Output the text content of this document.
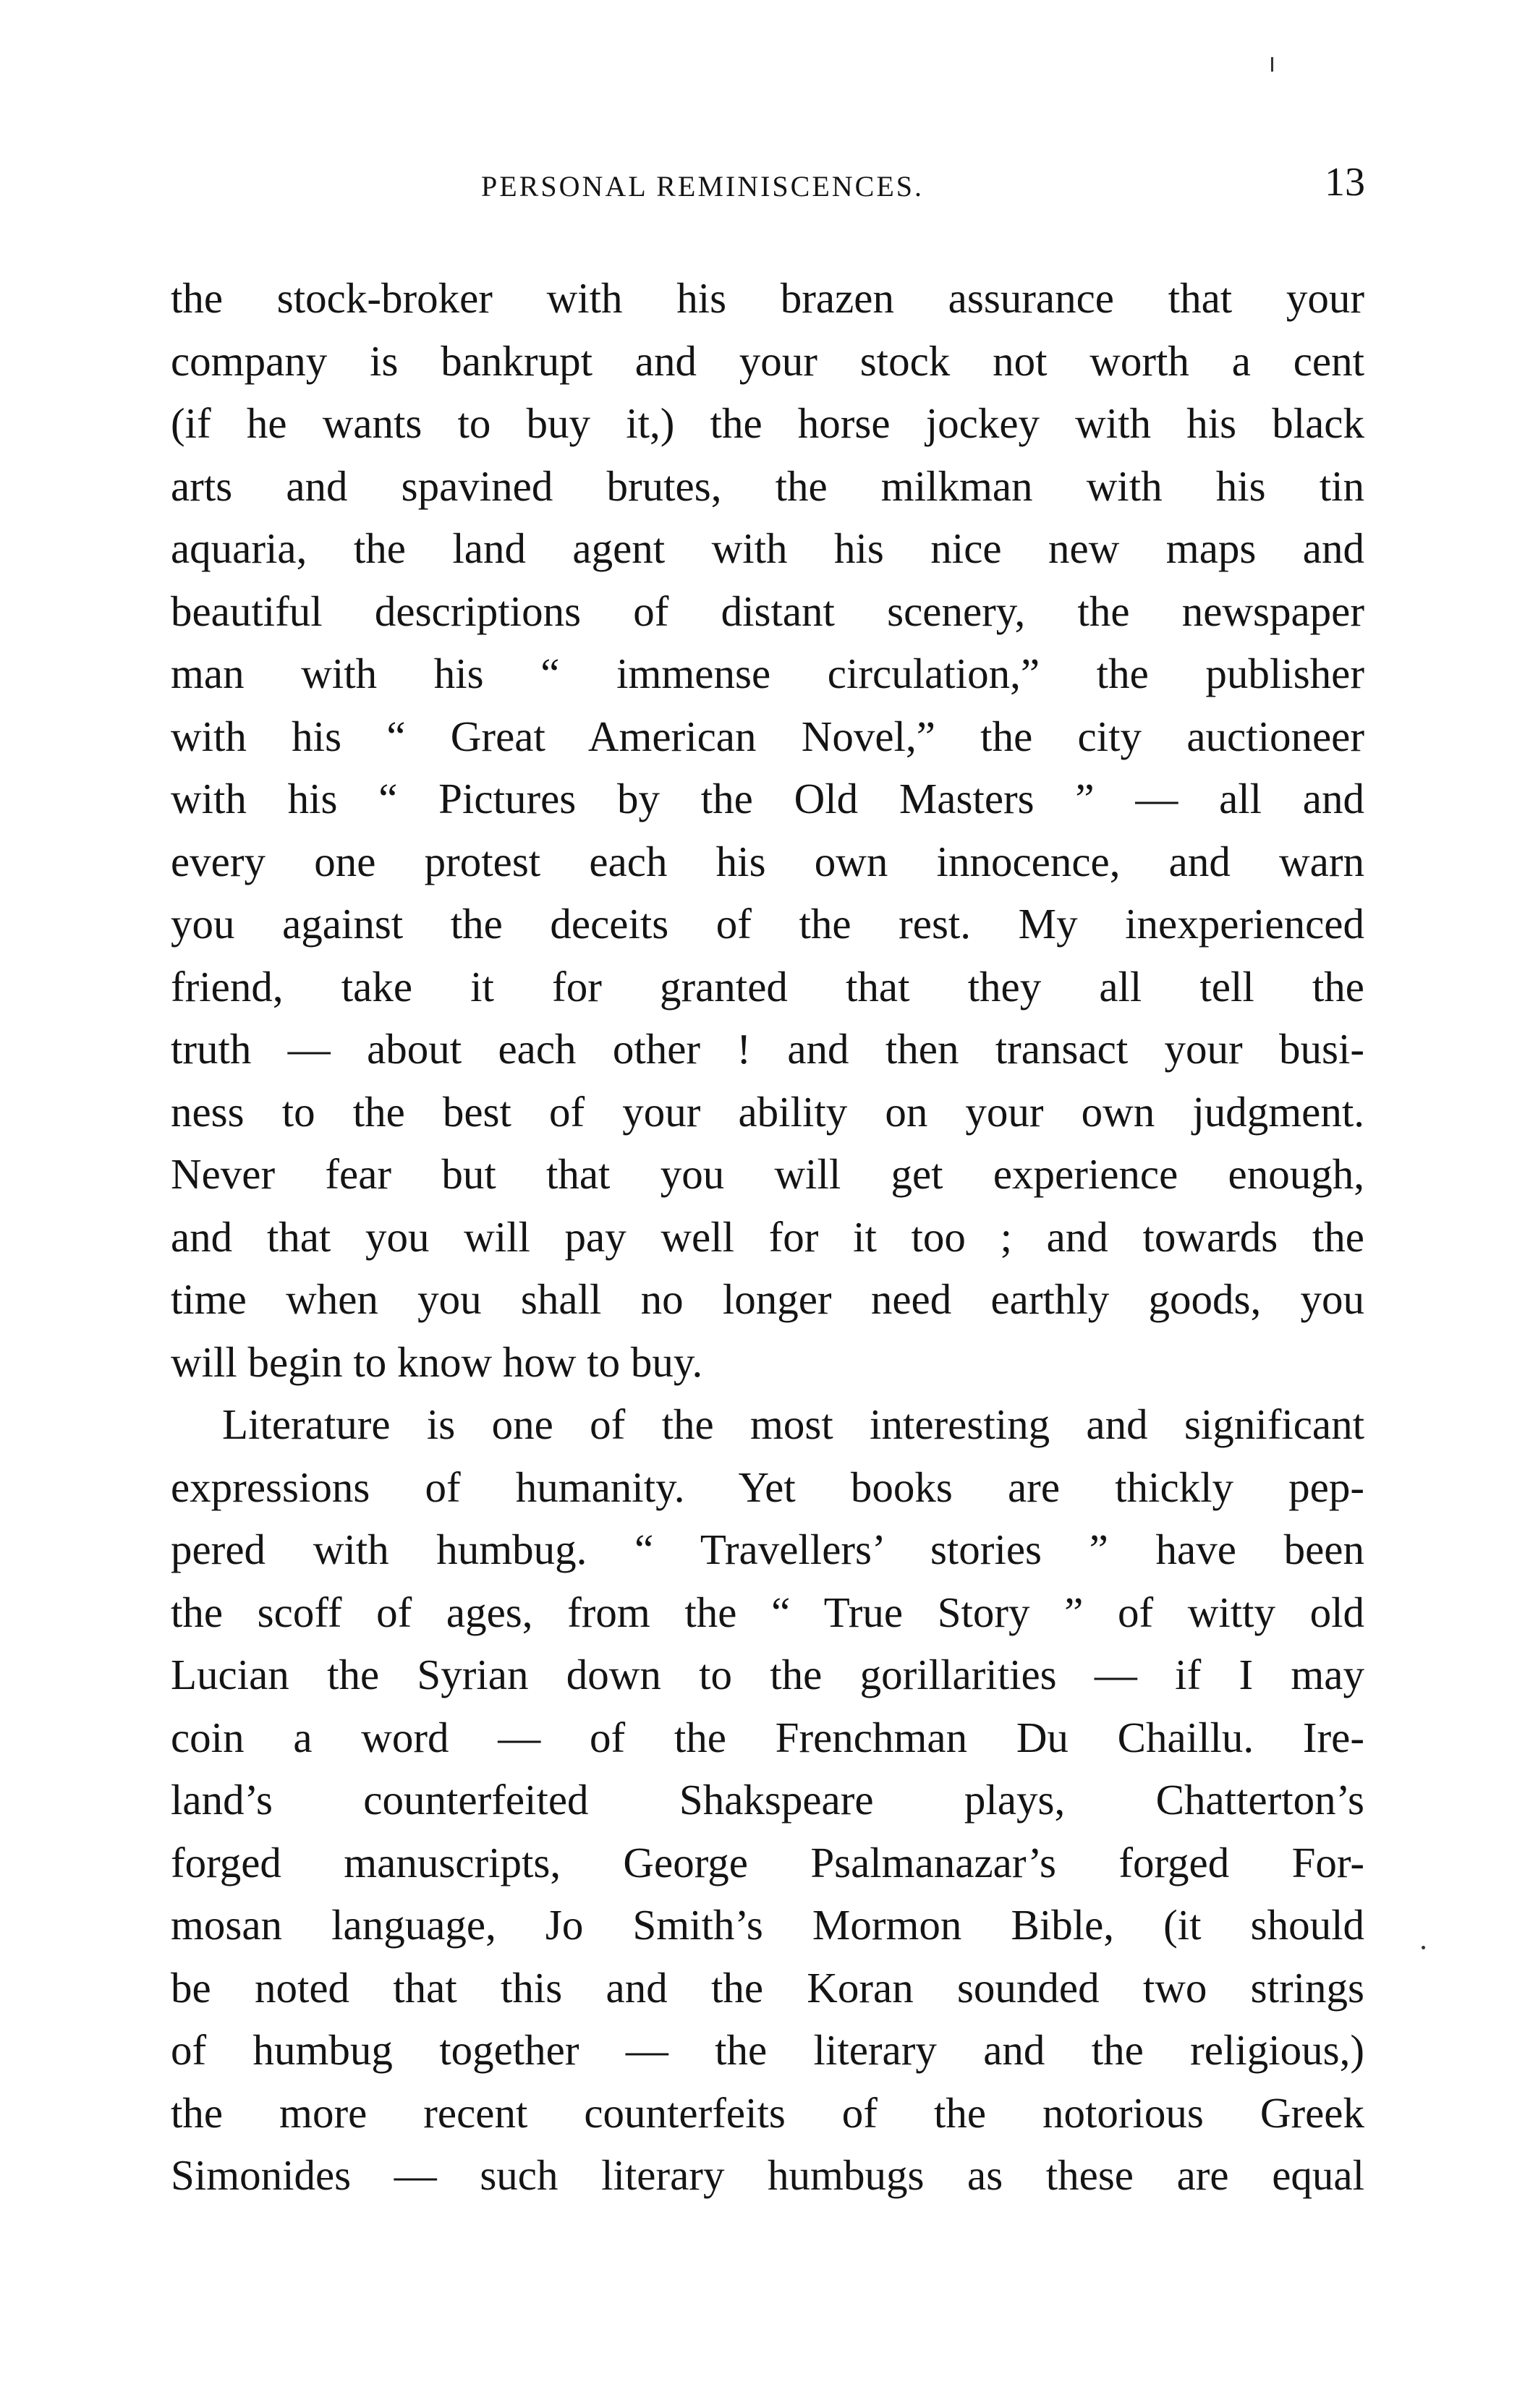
PERSONAL REMINISCENCES.	13
the stock-broker with his brazen assurance that your
company is bankrupt and your stock not worth a cent
(if he wants to buy it,) the horse jockey with his black
arts and spavined brutes, the milkman with his tin
aquaria, the land agent with his nice new maps and
beautiful descriptions of distant scenery, the newspaper
man with his “ immense circulation,” the publisher
with his “ Great American Novel,” the city auctioneer
with his “ Pictures by the Old Masters ” — all and
every one protest each his own innocence, and warn
you against the deceits of the rest. My inexperienced
friend, take it for granted that they all tell the
truth — about each other ! and then transact your busi-
ness to the best of your ability on your own judgment.
Never fear but that you will get experience enough,
and that you will pay well for it too ; and towards the
time when you shall no longer need earthly goods, you
will begin to know how to buy.
Literature is one of the most interesting and significant
expressions of humanity. Yet books are thickly pep-
pered with humbug. “ Travellers’ stories ” have been
the scoff of ages, from the “ True Story ” of witty old
Lucian the Syrian down to the gorillarities — if I may
coin a word — of the Frenchman Du Chaillu. Ire-
land’s counterfeited Shakspeare plays, Chatterton’s
forged manuscripts, George Psalmanazar’s forged For-
mosan language, Jo Smith’s Mormon Bible, (it should
be noted that this and the Koran sounded two strings
of humbug together — the literary and the religious,)
the more recent counterfeits of the notorious Greek
Simonides — such literary humbugs as these are equal
